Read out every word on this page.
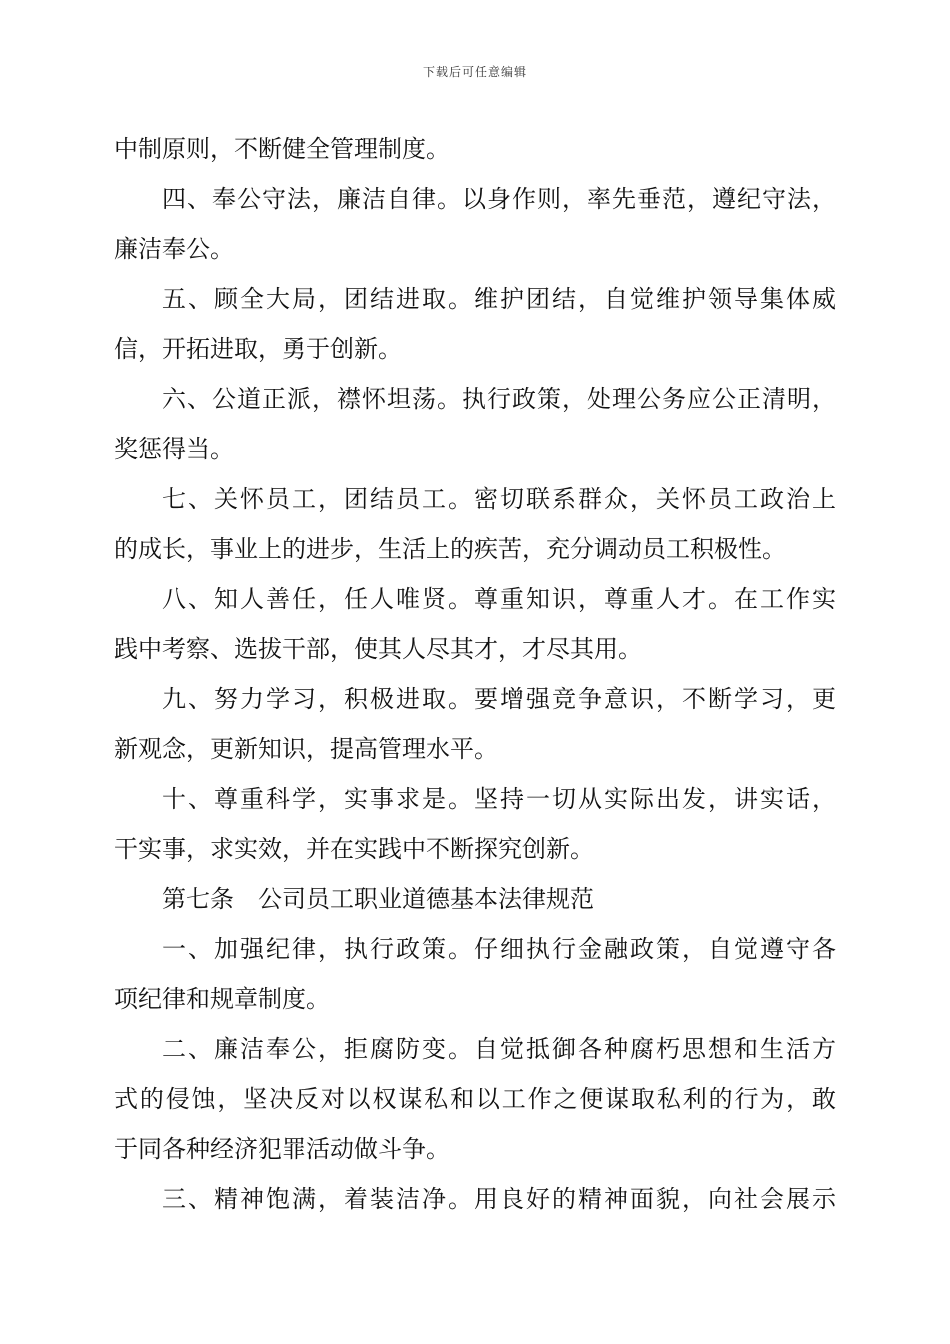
下载后可任意编辑
中制原则，不断健全管理制度。
四、奉公守法，廉洁自律。以身作则，率先垂范，遵纪守法，
廉洁奉公。
五、顾全大局，团结进取。维护团结，自觉维护领导集体威
信，开拓进取，勇于创新。
六、公道正派，襟怀坦荡。执行政策，处理公务应公正清明，
奖惩得当。
七、关怀员工，团结员工。密切联系群众，关怀员工政治上
的成长，事业上的进步，生活上的疾苦，充分调动员工积极性。
八、知人善任，任人唯贤。尊重知识，尊重人才。在工作实
践中考察、选拔干部，使其人尽其才，才尽其用。
九、努力学习，积极进取。要增强竞争意识，不断学习，更
新观念，更新知识，提高管理水平。
十、尊重科学，实事求是。坚持一切从实际出发，讲实话，
干实事，求实效，并在实践中不断探究创新。
第七条　公司员工职业道德基本法律规范
一、加强纪律，执行政策。仔细执行金融政策，自觉遵守各
项纪律和规章制度。
二、廉洁奉公，拒腐防变。自觉抵御各种腐朽思想和生活方
式的侵蚀，坚决反对以权谋私和以工作之便谋取私利的行为，敢
于同各种经济犯罪活动做斗争。
三、精神饱满，着装洁净。用良好的精神面貌，向社会展示
